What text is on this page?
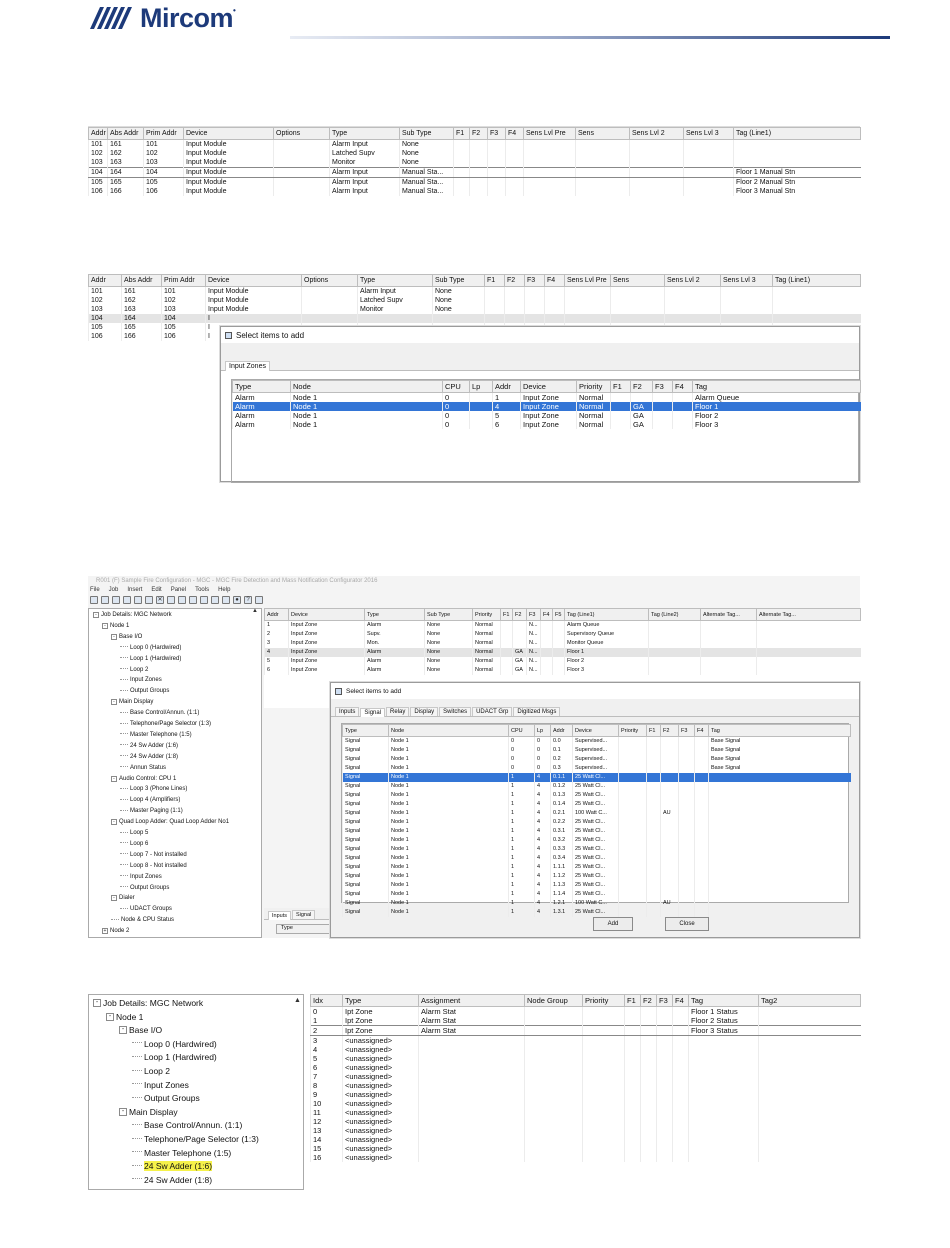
Mircom•
Addr	Abs Addr	Prim Addr	Device	Options	Type	Sub Type	F1	F2	F3	F4	Sens Lvl Pre	Sens	Sens Lvl 2	Sens Lvl 3	Tag (Line1)
101	161	101	Input Module		Alarm Input	None									
102	162	102	Input Module		Latched Supv	None									
103	163	103	Input Module		Monitor	None									
104	164	104	Input Module		Alarm Input	Manual Sta...									Floor 1 Manual Stn
105	165	105	Input Module		Alarm Input	Manual Sta...									Floor 2 Manual Stn
106	166	106	Input Module		Alarm Input	Manual Sta...									Floor 3 Manual Stn
Addr	Abs Addr	Prim Addr	Device	Options	Type	Sub Type	F1	F2	F3	F4	Sens Lvl Pre	Sens	Sens Lvl 2	Sens Lvl 3	Tag (Line1)
101	161	101	Input Module		Alarm Input	None									
102	162	102	Input Module		Latched Supv	None									
103	163	103	Input Module		Monitor	None									
104	164	104	I												
105	165	105	I												
106	166	106	I													Select items to add
Input Zones
Type	Node	CPU	Lp	Addr	Device	Priority	F1	F2	F3	F4	Tag
Alarm	Node 1	0		1	Input Zone	Normal					Alarm Queue
Alarm	Node 1	0		4	Input Zone	Normal		GA			Floor 1
Alarm	Node 1	0		5	Input Zone	Normal		GA			Floor 2
Alarm	Node 1	0		6	Input Zone	Normal		GA			Floor 3
R001 (F) Sample Fire Configuration - MGC - MGC Fire Detection and Mass Notification Configurator 2016
File Job Insert Edit Panel Tools Help
✕	●	?
- Job Details: MGC Network
- Node 1
- Base I/O
Loop 0 (Hardwired)
Loop 1 (Hardwired)
Loop 2
Input Zones
Output Groups
- Main Display
Base Control/Annun. (1:1)
Telephone/Page Selector (1:3)
Master Telephone (1:5)
24 Sw Adder (1:6)
24 Sw Adder (1:8)
Annun Status
- Audio Control: CPU 1
Loop 3 (Phone Lines)
Loop 4 (Amplifiers)
Master Paging (1:1)
- Quad Loop Adder: Quad Loop Adder No1
Loop 5
Loop 6
Loop 7 - Not installed
Loop 8 - Not installed
Input Zones
Output Groups
- Dialer
UDACT Groups
Node & CPU Status
+ Node 2
▲
Addr	Device	Type	Sub Type	Priority	F1	F2	F3	F4	F5	Tag (Line1)	Tag (Line2)	Alternate Tag...	Alternate Tag...
1	Input Zone	Alarm	None	Normal			N...			Alarm Queue			
2	Input Zone	Supv.	None	Normal			N...			Supervisory Queue			
3	Input Zone	Mon.	None	Normal			N...			Monitor Queue			
4	Input Zone	Alarm	None	Normal		GA	N...			Floor 1			
5	Input Zone	Alarm	None	Normal		GA	N...			Floor 2			
6	Input Zone	Alarm	None	Normal		GA	N...			Floor 3			
Inputs	Signal
Type
Select items to add
Inputs	Signal	Relay	Display	Switches	UDACT Grp	Digitized Msgs
Type	Node	CPU	Lp	Addr	Device	Priority	F1	F2	F3	F4	Tag
Signal	Node 1	0	0	0.0	Supervised...						Base Signal
Signal	Node 1	0	0	0.1	Supervised...						Base Signal
Signal	Node 1	0	0	0.2	Supervised...						Base Signal
Signal	Node 1	0	0	0.3	Supervised...						Base Signal
Signal	Node 1	1	4	0.1.1	25 Watt Cl...						
Signal	Node 1	1	4	0.1.2	25 Watt Cl...						
Signal	Node 1	1	4	0.1.3	25 Watt Cl...						
Signal	Node 1	1	4	0.1.4	25 Watt Cl...						
Signal	Node 1	1	4	0.2.1	100 Watt C...			AU			
Signal	Node 1	1	4	0.2.2	25 Watt Cl...						
Signal	Node 1	1	4	0.3.1	25 Watt Cl...						
Signal	Node 1	1	4	0.3.2	25 Watt Cl...						
Signal	Node 1	1	4	0.3.3	25 Watt Cl...						
Signal	Node 1	1	4	0.3.4	25 Watt Cl...						
Signal	Node 1	1	4	1.1.1	25 Watt Cl...						
Signal	Node 1	1	4	1.1.2	25 Watt Cl...						
Signal	Node 1	1	4	1.1.3	25 Watt Cl...						
Signal	Node 1	1	4	1.1.4	25 Watt Cl...						
Signal	Node 1	1	4	1.2.1	100 Watt C...			AU			
Signal	Node 1	1	4	1.3.1	25 Watt Cl...						
Add	Close
- Job Details: MGC Network
- Node 1
- Base I/O
Loop 0 (Hardwired)
Loop 1 (Hardwired)
Loop 2
Input Zones
Output Groups
- Main Display
Base Control/Annun. (1:1)
Telephone/Page Selector (1:3)
Master Telephone (1:5)
24 Sw Adder (1:6)
24 Sw Adder (1:8)
▲ Idx	Type	Assignment	Node Group	Priority	F1	F2	F3	F4	Tag	Tag2
0	Ipt Zone	Alarm Stat							Floor 1 Status	
1	Ipt Zone	Alarm Stat							Floor 2 Status	
2	Ipt Zone	Alarm Stat							Floor 3 Status	
3	<unassigned>									
4	<unassigned>									
5	<unassigned>									
6	<unassigned>									
7	<unassigned>									
8	<unassigned>									
9	<unassigned>									
10	<unassigned>									
11	<unassigned>									
12	<unassigned>									
13	<unassigned>									
14	<unassigned>									
15	<unassigned>									
16	<unassigned>									
